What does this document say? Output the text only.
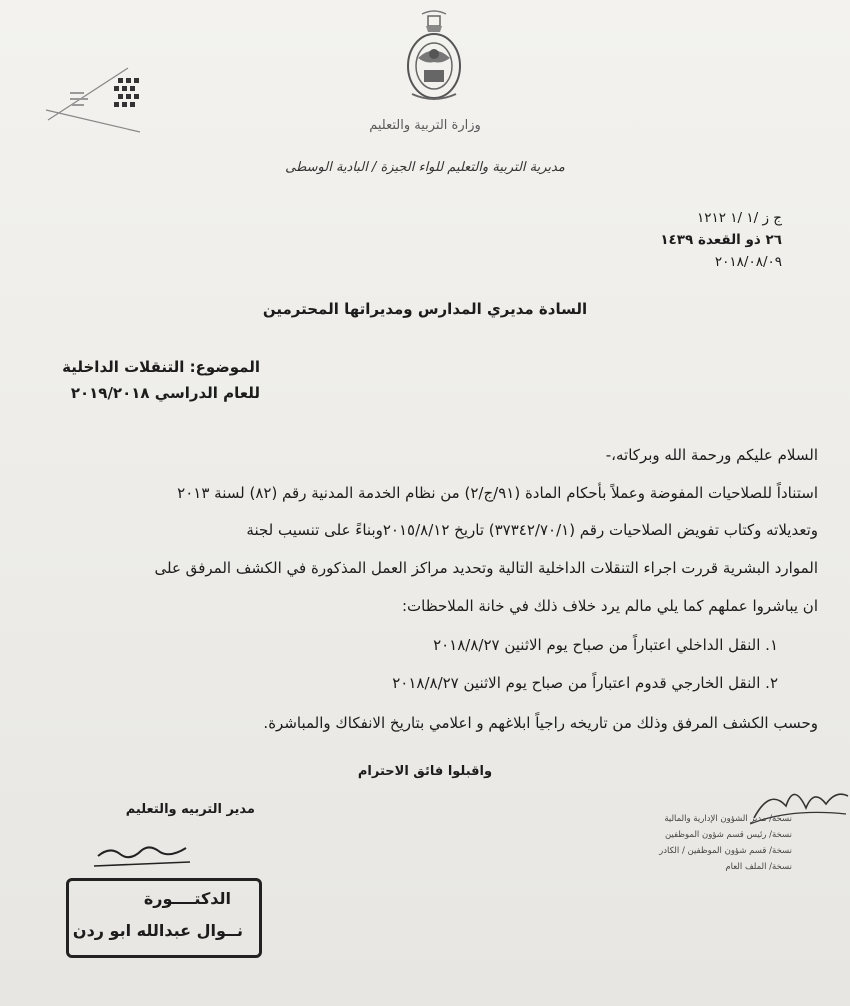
وزارة التربية والتعليم
مديرية التربية والتعليم للواء الجيزة / البادية الوسطى
ج ز /١ /١ ١٢١٢
٢٦ ذو القعدة ١٤٣٩
٢٠١٨/٠٨/٠٩
السادة مديري المدارس ومديراتها المحترمين
الموضوع: التنقلات الداخلية
للعام الدراسي ٢٠١٩/٢٠١٨
السلام عليكم ورحمة الله وبركاته،-
استناداً للصلاحيات المفوضة وعملاً بأحكام المادة (٩١/ج/٢) من نظام الخدمة المدنية رقم (٨٢) لسنة ٢٠١٣
وتعديلاته وكتاب تفويض الصلاحيات رقم (٣٧٣٤٢/٧٠/١) تاريخ ٢٠١٥/٨/١٢وبناءً على تنسيب لجنة
الموارد البشرية قررت اجراء التنقلات الداخلية التالية وتحديد مراكز العمل المذكورة في الكشف المرفق على
ان يباشروا عملهم كما يلي مالم يرد خلاف ذلك في خانة الملاحظات:
١. النقل الداخلي اعتباراً من صباح يوم الاثنين ٢٠١٨/٨/٢٧
٢. النقل الخارجي قدوم اعتباراً من صباح يوم الاثنين ٢٠١٨/٨/٢٧
وحسب الكشف المرفق وذلك من تاريخه راجياً ابلاغهم و اعلامي بتاريخ الانفكاك والمباشرة.
واقبلوا فائق الاحترام
مدير التربيه والتعليم
الدكتــــورة
نــوال عبدالله ابو ردن
نسخة/ مدير الشؤون الإدارية والمالية
نسخة/ رئيس قسم شؤون الموظفين
نسخة/ قسم شؤون الموظفين / الكادر
نسخة/ الملف العام
